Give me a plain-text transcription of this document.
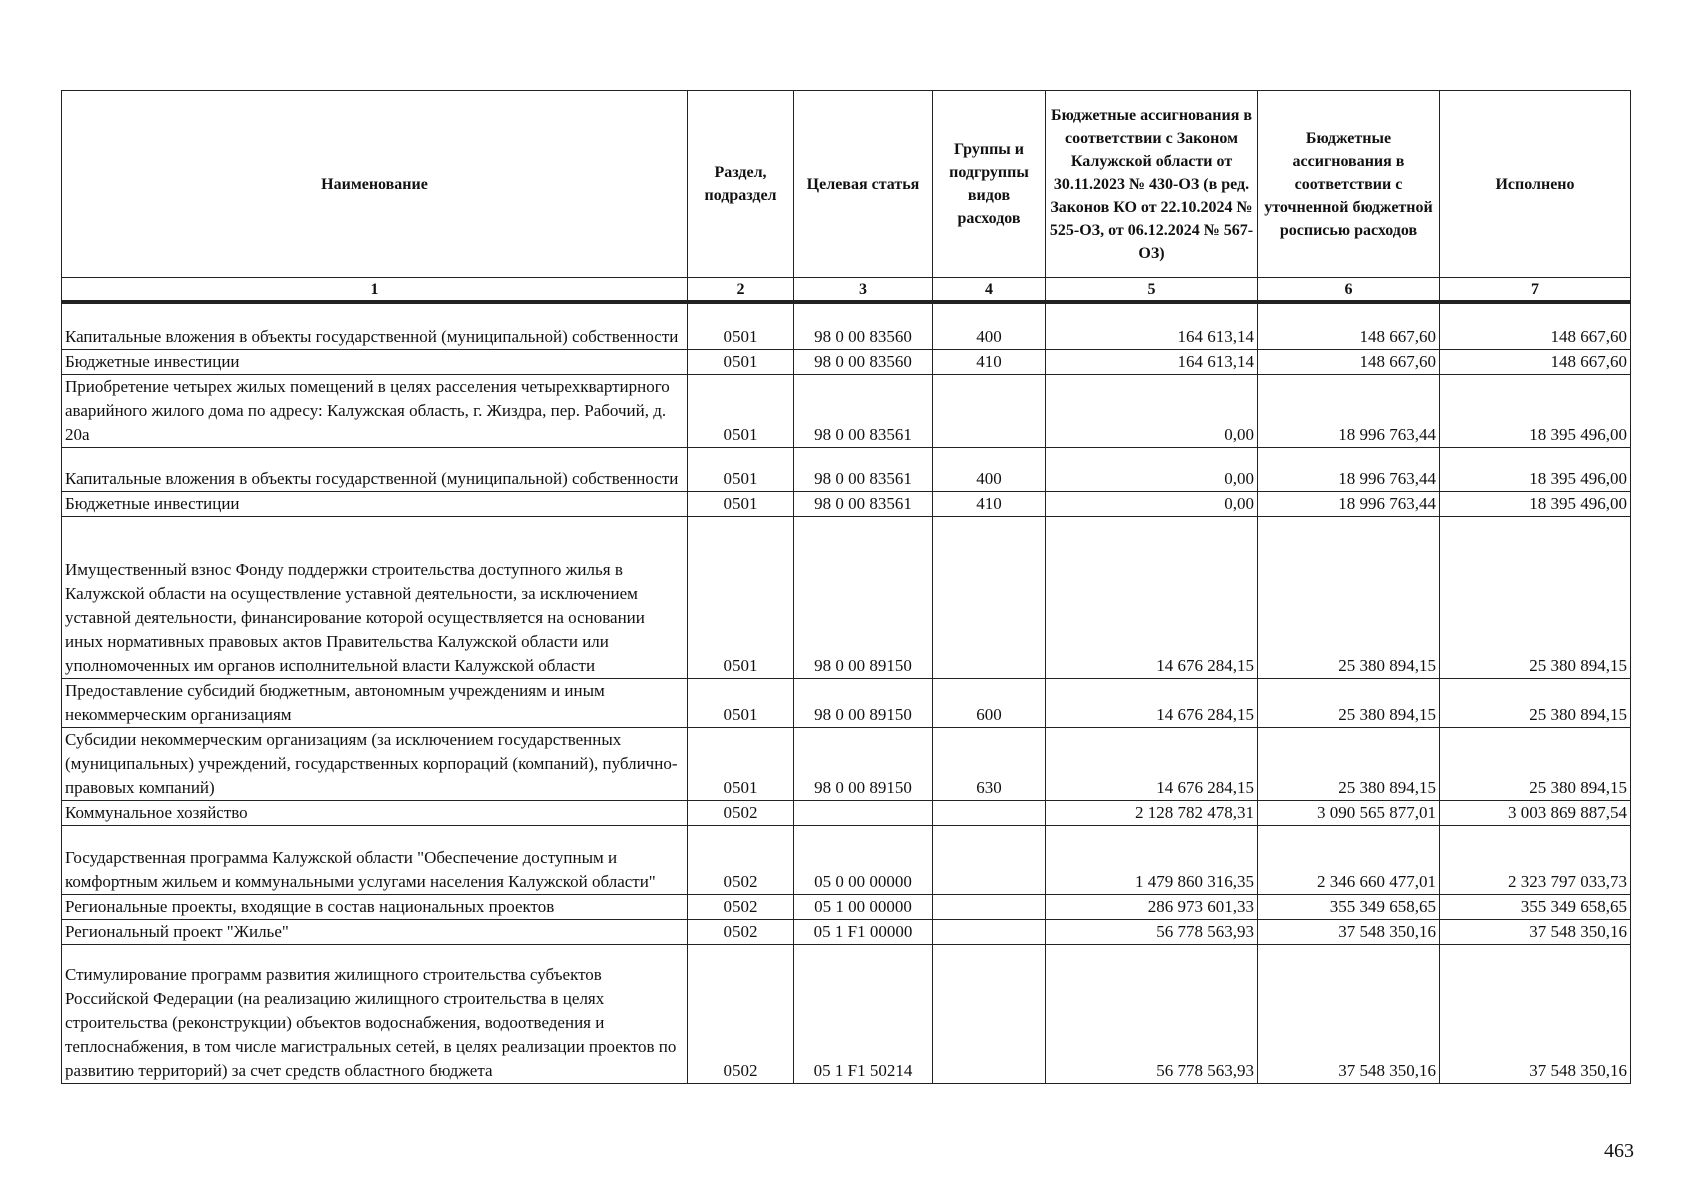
Наименование	Раздел, подраздел	Целевая статья	Группы и подгруппы видов расходов	Бюджетные ассигнования в соответствии с Законом Калужской области от 30.11.2023 № 430-ОЗ (в ред. Законов КО от 22.10.2024 № 525-ОЗ, от 06.12.2024 № 567-ОЗ)	Бюджетные ассигнования в соответствии с уточненной бюджетной росписью расходов	Исполнено
1	2	3	4	5	6	7
Капитальные вложения в объекты государственной (муниципальной) собственности	0501	98 0 00 83560	400	164 613,14	148 667,60	148 667,60
Бюджетные инвестиции	0501	98 0 00 83560	410	164 613,14	148 667,60	148 667,60
Приобретение четырех жилых помещений в целях расселения четырехквартирного аварийного жилого дома по адресу: Калужская область, г. Жиздра, пер. Рабочий, д. 20а	0501	98 0 00 83561		0,00	18 996 763,44	18 395 496,00
Капитальные вложения в объекты государственной (муниципальной) собственности	0501	98 0 00 83561	400	0,00	18 996 763,44	18 395 496,00
Бюджетные инвестиции	0501	98 0 00 83561	410	0,00	18 996 763,44	18 395 496,00
Имущественный взнос Фонду поддержки строительства доступного жилья в Калужской области на осуществление уставной деятельности, за исключением уставной деятельности, финансирование которой осуществляется на основании иных нормативных правовых актов Правительства Калужской области или уполномоченных им органов исполнительной власти Калужской области	0501	98 0 00 89150		14 676 284,15	25 380 894,15	25 380 894,15
Предоставление субсидий бюджетным, автономным учреждениям и иным некоммерческим организациям	0501	98 0 00 89150	600	14 676 284,15	25 380 894,15	25 380 894,15
Субсидии некоммерческим организациям (за исключением государственных (муниципальных) учреждений, государственных корпораций (компаний), публично-правовых компаний)	0501	98 0 00 89150	630	14 676 284,15	25 380 894,15	25 380 894,15
Коммунальное хозяйство	0502			2 128 782 478,31	3 090 565 877,01	3 003 869 887,54
Государственная программа Калужской области "Обеспечение доступным и комфортным жильем и коммунальными услугами населения Калужской области"	0502	05 0 00 00000		1 479 860 316,35	2 346 660 477,01	2 323 797 033,73
Региональные проекты, входящие в состав национальных проектов	0502	05 1 00 00000		286 973 601,33	355 349 658,65	355 349 658,65
Региональный проект "Жилье"	0502	05 1 F1 00000		56 778 563,93	37 548 350,16	37 548 350,16
Стимулирование программ развития жилищного строительства субъектов Российской Федерации (на реализацию жилищного строительства в целях строительства (реконструкции) объектов водоснабжения, водоотведения и теплоснабжения, в том числе магистральных сетей, в целях реализации проектов по развитию территорий) за счет средств областного бюджета	0502	05 1 F1 50214		56 778 563,93	37 548 350,16	37 548 350,16
463
